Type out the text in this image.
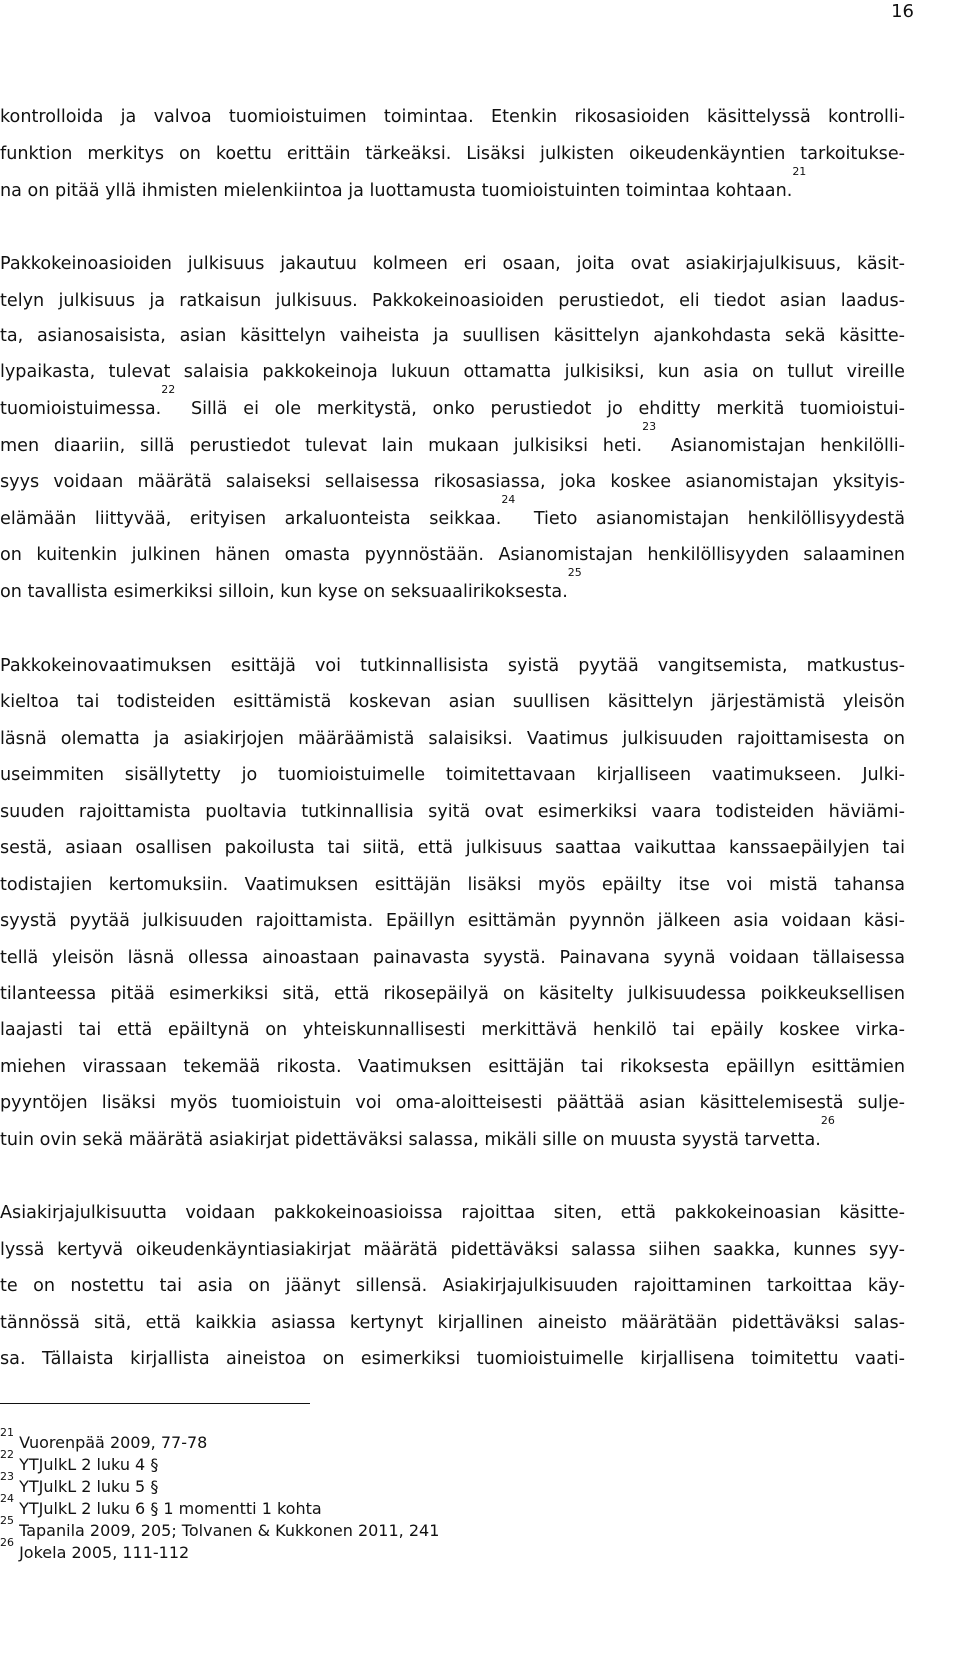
16
kontrolloida ja valvoa tuomioistuimen toimintaa. Etenkin rikosasioiden käsittelyssä kontrolli-
funktion merkitys on koettu erittäin tärkeäksi. Lisäksi julkisten oikeudenkäyntien tarkoitukse-
na on pitää yllä ihmisten mielenkiintoa ja luottamusta tuomioistuinten toimintaa kohtaan.$^{21}$
Pakkokeinoasioiden julkisuus jakautuu kolmeen eri osaan, joita ovat asiakirjajulkisuus, käsit-
telyn julkisuus ja ratkaisun julkisuus. Pakkokeinoasioiden perustiedot, eli tiedot asian laadus-
ta, asianosaisista, asian käsittelyn vaiheista ja suullisen käsittelyn ajankohdasta sekä käsitte-
lypaikasta, tulevat salaisia pakkokeinoja lukuun ottamatta julkisiksi, kun asia on tullut vireille
tuomioistuimessa.$^{22}$ Sillä ei ole merkitystä, onko perustiedot jo ehditty merkitä tuomioistui-
men diaariin, sillä perustiedot tulevat lain mukaan julkisiksi heti.$^{23}$ Asianomistajan henkilölli-
syys voidaan määrätä salaiseksi sellaisessa rikosasiassa, joka koskee asianomistajan yksityis-
elämään liittyvää, erityisen arkaluonteista seikkaa.$^{24}$ Tieto asianomistajan henkilöllisyydestä
on kuitenkin julkinen hänen omasta pyynnöstään. Asianomistajan henkilöllisyyden salaaminen
on tavallista esimerkiksi silloin, kun kyse on seksuaalirikoksesta.$^{25}$
Pakkokeinovaatimuksen esittäjä voi tutkinnallisista syistä pyytää vangitsemista, matkustus-
kieltoa tai todisteiden esittämistä koskevan asian suullisen käsittelyn järjestämistä yleisön
läsnä olematta ja asiakirjojen määräämistä salaisiksi. Vaatimus julkisuuden rajoittamisesta on
useimmiten sisällytetty jo tuomioistuimelle toimitettavaan kirjalliseen vaatimukseen. Julki-
suuden rajoittamista puoltavia tutkinnallisia syitä ovat esimerkiksi vaara todisteiden häviämi-
sestä, asiaan osallisen pakoilusta tai siitä, että julkisuus saattaa vaikuttaa kanssaepäilyjen tai
todistajien kertomuksiin. Vaatimuksen esittäjän lisäksi myös epäilty itse voi mistä tahansa
syystä pyytää julkisuuden rajoittamista. Epäillyn esittämän pyynnön jälkeen asia voidaan käsi-
tellä yleisön läsnä ollessa ainoastaan painavasta syystä. Painavana syynä voidaan tällaisessa
tilanteessa pitää esimerkiksi sitä, että rikosepäilyä on käsitelty julkisuudessa poikkeuksellisen
laajasti tai että epäiltynä on yhteiskunnallisesti merkittävä henkilö tai epäily koskee virka-
miehen virassaan tekemää rikosta. Vaatimuksen esittäjän tai rikoksesta epäillyn esittämien
pyyntöjen lisäksi myös tuomioistuin voi oma-aloitteisesti päättää asian käsittelemisestä sulje-
tuin ovin sekä määrätä asiakirjat pidettäväksi salassa, mikäli sille on muusta syystä tarvetta.$^{26}$
Asiakirjajulkisuutta voidaan pakkokeinoasioissa rajoittaa siten, että pakkokeinoasian käsitte-
lyssä kertyvä oikeudenkäyntiasiakirjat määrätä pidettäväksi salassa siihen saakka, kunnes syy-
te on nostettu tai asia on jäänyt sillensä. Asiakirjajulkisuuden rajoittaminen tarkoittaa käy-
tännössä sitä, että kaikkia asiassa kertynyt kirjallinen aineisto määrätään pidettäväksi salas-
sa. Tällaista kirjallista aineistoa on esimerkiksi tuomioistuimelle kirjallisena toimitettu vaati-
$^{21}$ Vuorenpää 2009, 77-78
$^{22}$ YTJulkL 2 luku 4 §
$^{23}$ YTJulkL 2 luku 5 §
$^{24}$ YTJulkL 2 luku 6 § 1 momentti 1 kohta
$^{25}$ Tapanila 2009, 205; Tolvanen & Kukkonen 2011, 241
$^{26}$ Jokela 2005, 111-112
